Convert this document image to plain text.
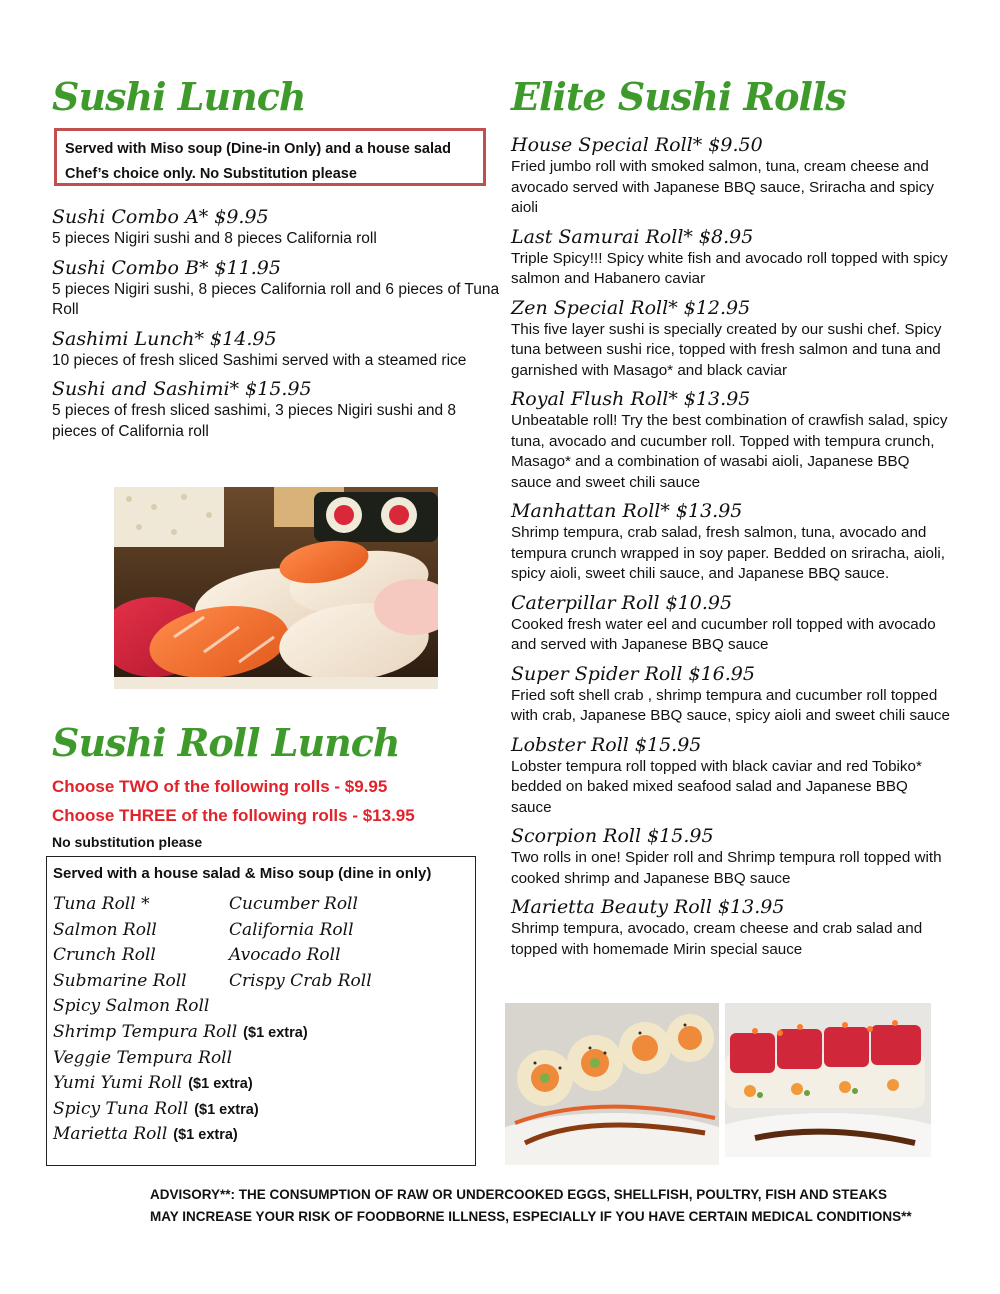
Sushi Lunch

Served with Miso soup (Dine-in Only) and a house salad

Chef’s choice only. No Substitution please

Sushi Combo A* $9.95

5 pieces Nigiri sushi and 8 pieces California roll

Sushi Combo B* $11.95

5 pieces Nigiri sushi, 8 pieces California roll and 6 pieces of Tuna Roll

Sashimi Lunch* $14.95

10 pieces of fresh sliced Sashimi served with a steamed rice

Sushi and Sashimi* $15.95

5 pieces of fresh sliced sashimi, 3 pieces Nigiri sushi and 8 pieces of California roll

Sushi Roll Lunch

Choose TWO of the following rolls - $9.95

Choose THREE of the following rolls - $13.95

No substitution please

Served with a house salad & Miso soup (dine in only)

Tuna Roll *
Salmon Roll
Crunch Roll
Submarine Roll
Spicy Salmon Roll
Shrimp Tempura Roll ($1 extra)
Veggie Tempura Roll
Yumi Yumi Roll ($1 extra)
Spicy Tuna Roll ($1 extra)
Marietta Roll ($1 extra)
Cucumber Roll
California Roll
Avocado Roll
Crispy Crab Roll
Elite Sushi Rolls

House Special Roll* $9.50

Fried jumbo roll with smoked salmon, tuna, cream cheese and avocado served with Japanese BBQ sauce, Sriracha and spicy aioli

Last Samurai Roll* $8.95

Triple Spicy!!! Spicy white fish and avocado roll topped with spicy salmon and Habanero caviar

Zen Special Roll* $12.95

This five layer sushi is specially created by our sushi chef. Spicy tuna between sushi rice, topped with fresh salmon and tuna and garnished with Masago* and black caviar

Royal Flush Roll* $13.95

Unbeatable roll! Try the best combination of crawfish salad, spicy tuna, avocado and cucumber roll. Topped with tempura crunch, Masago* and a combination of wasabi aioli, Japanese BBQ sauce and sweet chili sauce

Manhattan Roll* $13.95

Shrimp tempura, crab salad, fresh salmon, tuna, avocado and tempura crunch wrapped in soy paper. Bedded on sriracha, aioli, spicy aioli, sweet chili sauce, and Japanese BBQ sauce.

Caterpillar Roll $10.95

Cooked fresh water eel and cucumber roll topped with avocado and served with Japanese BBQ sauce

Super Spider Roll $16.95

Fried soft shell crab , shrimp tempura and cucumber roll topped with crab, Japanese BBQ sauce, spicy aioli and sweet chili sauce

Lobster Roll $15.95

Lobster tempura roll topped with black caviar and red Tobiko* bedded on baked mixed seafood salad and Japanese BBQ sauce

Scorpion Roll $15.95

Two rolls in one! Spider roll and Shrimp tempura roll topped with cooked shrimp and Japanese BBQ sauce

Marietta Beauty Roll $13.95

Shrimp tempura, avocado, cream cheese and crab salad and topped with homemade Mirin special sauce

ADVISORY**: THE CONSUMPTION OF RAW OR UNDERCOOKED EGGS, SHELLFISH, POULTRY, FISH AND STEAKS
MAY INCREASE YOUR RISK OF FOODBORNE ILLNESS, ESPECIALLY IF YOU HAVE CERTAIN MEDICAL CONDITIONS**
